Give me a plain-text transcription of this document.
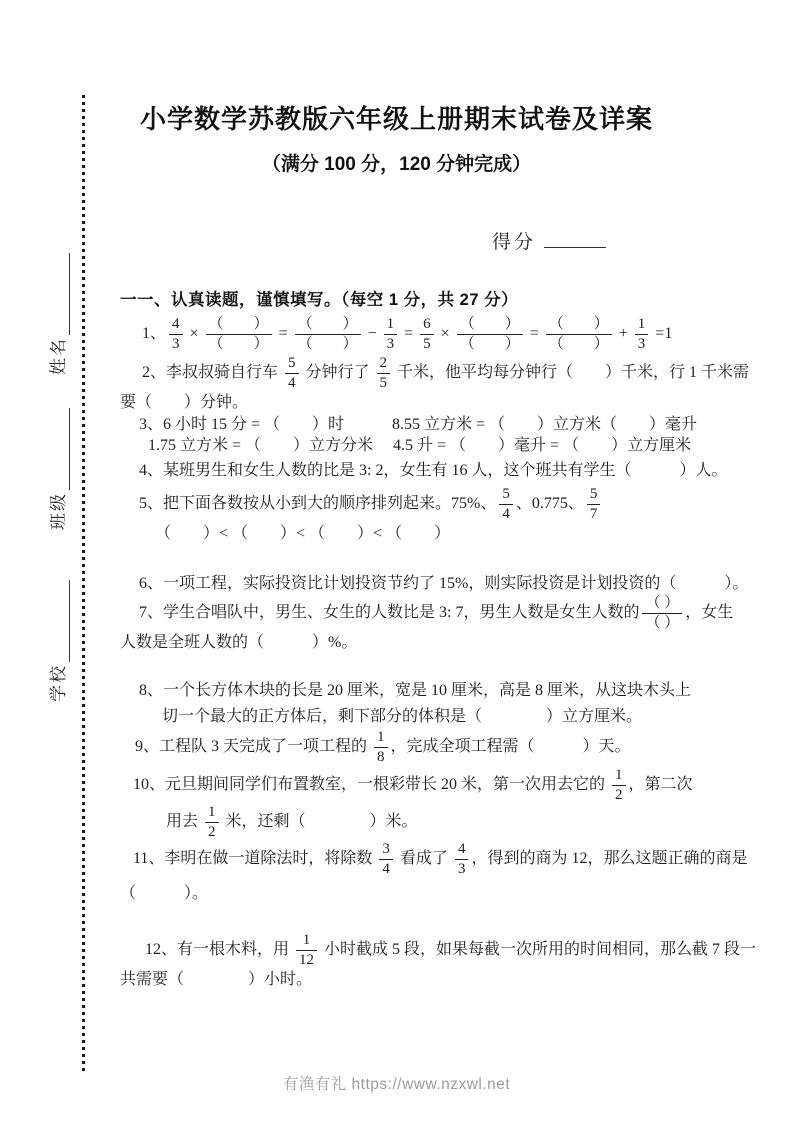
姓名
班级
学校
小学数学苏教版六年级上册期末试卷及详案
（满分 100 分，120 分钟完成）
得分
一一、认真读题，谨慎填写。（每空 1 分，共 27 分）
1、 $\frac{4}{3} \times \frac{( )}{( )} = \frac{( )}{( )} - \frac{1}{3} = \frac{6}{5} \times \frac{( )}{( )} = \frac{( )}{( )} + \frac{1}{3} =1$
2、李叔叔骑自行车 $\frac{5}{4}$ 分钟行了 $\frac{2}{5}$ 千米，他平均每分钟行（　　）千米，行 1 千米需
要（　　）分钟。
3、6 小时 15 分 = （　　）时　　　8.55 立方米 = （　　）立方米（　　）毫升
1.75 立方米 = （　　）立方分米　 4.5 升 = （　　）毫升 = （　　）立方厘米
4、某班男生和女生人数的比是 3: 2，女生有 16 人，这个班共有学生（　　　）人。
5、把下面各数按从小到大的顺序排列起来。75%、 $\frac{5}{4}$ 、0.775、 $\frac{5}{7}$
（　　）< （　　）< （　　）< （　　）
6、一项工程，实际投资比计划投资节约了 15%，则实际投资是计划投资的（　　　）。
7、学生合唱队中，男生、女生的人数比是 3: 7，男生人数是女生人数的 $\frac{( )}{( )}$ ，女生
人数是全班人数的（　　　）%。
8、一个长方体木块的长是 20 厘米，宽是 10 厘米，高是 8 厘米，从这块木头上
切一个最大的正方体后，剩下部分的体积是（　　　　）立方厘米。
9、工程队 3 天完成了一项工程的 $\frac{1}{8}$ ，完成全项工程需（　　　）天。
10、元旦期间同学们布置教室，一根彩带长 20 米，第一次用去它的 $\frac{1}{2}$ ，第二次
用去 $\frac{1}{2}$ 米，还剩（　　　　）米。
11、李明在做一道除法时，将除数 $\frac{3}{4}$ 看成了 $\frac{4}{3}$ ，得到的商为 12，那么这题正确的商是
（　　　）。
12、有一根木料，用 $\frac{1}{12}$ 小时截成 5 段，如果每截一次所用的时间相同，那么截 7 段一
共需要（　　　　）小时。
有渔有礼 https://www.nzxwl.net
